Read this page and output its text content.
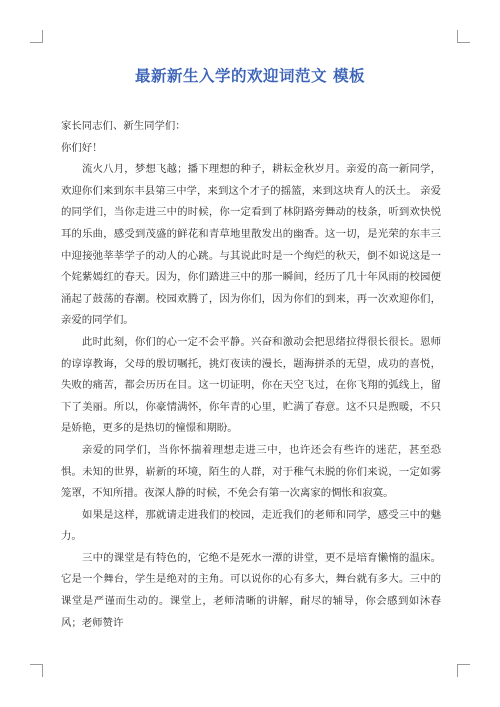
最新新生入学的欢迎词范文 模板

家长同志们、新生同学们：

你们好！

流火八月，梦想飞越；播下理想的种子，耕耘金秋岁月。亲爱的高一新同学，欢迎你们来到东丰县第三中学，来到这个才子的摇篮，来到这块育人的沃土。 亲爱的同学们，当你走进三中的时候，你一定看到了林阴路旁舞动的枝条，听到欢快悦耳的乐曲，感受到茂盛的鲜花和青草地里散发出的幽香。这一切，是光荣的东丰三中迎接弛莘莘学子的动人的心跳。与其说此时是一个绚烂的秋天，倒不如说这是一个姹紫嫣红的春天。因为，你们踏进三中的那一瞬间，经历了几十年风雨的校园便涌起了鼓荡的春潮。校园欢腾了，因为你们，因为你们的到来，再一次欢迎你们，亲爱的同学们。

此时此刻，你们的心一定不会平静。兴奋和激动会把思绪拉得很长很长。恩师的谆谆教诲，父母的殷切嘱托，挑灯夜读的漫长，题海拼杀的无望，成功的喜悦，失败的痛苦，都会历历在目。这一切证明，你在天空飞过，在你飞翔的弧线上，留下了美丽。所以，你豪情满怀，你年青的心里，贮满了春意。这不只是煦暖，不只是娇艳，更多的是热切的憧憬和期盼。

亲爱的同学们，当你怀揣着理想走进三中，也许还会有些许的迷茫，甚至恐惧。未知的世界，崭新的环境，陌生的人群，对于稚气未脱的你们来说，一定如雾笼罩，不知所措。夜深人静的时候，不免会有第一次离家的惆怅和寂寞。

如果是这样，那就请走进我们的校园，走近我们的老师和同学，感受三中的魅力。

三中的课堂是有特色的，它绝不是死水一潭的讲堂，更不是培育懒惰的温床。它是一个舞台，学生是绝对的主角。可以说你的心有多大，舞台就有多大。三中的课堂是严谨而生动的。课堂上，老师清晰的讲解，耐尽的辅导，你会感到如沐春风；老师赞许
